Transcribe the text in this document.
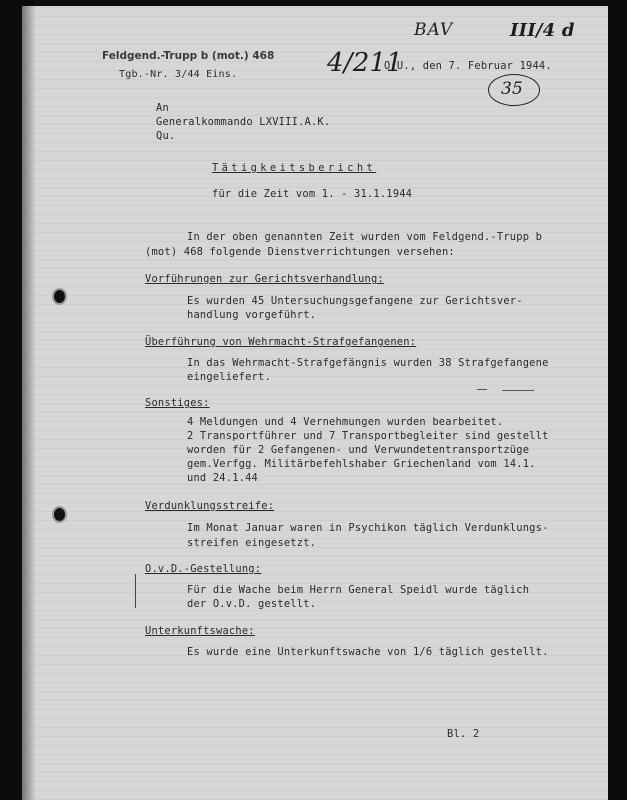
Feldgend.-Trupp b (mot.) 468
Tgb.-Nr. 3/44 Eins.
O.U., den 7. Februar 1944.
BAV	III/4 d
4/211
35
An
Generalkommando LXVIII.A.K.
Qu.
Tätigkeitsbericht
für die Zeit vom 1. - 31.1.1944
In der oben genannten Zeit wurden vom Feldgend.-Trupp b
(mot) 468 folgende Dienstverrichtungen versehen:
Vorführungen zur Gerichtsverhandlung:
Es wurden 45 Untersuchungsgefangene zur Gerichtsver-
handlung vorgeführt.
Überführung von Wehrmacht-Strafgefangenen:
In das Wehrmacht-Strafgefängnis wurden 38 Strafgefangene
eingeliefert.
Sonstiges:
4 Meldungen und 4 Vernehmungen wurden bearbeitet.
2 Transportführer und 7 Transportbegleiter sind gestellt
worden für 2 Gefangenen- und Verwundetentransportzüge
gem.Verfgg. Militärbefehlshaber Griechenland vom 14.1.
und 24.1.44
Verdunklungsstreife:
Im Monat Januar waren in Psychikon täglich Verdunklungs-
streifen eingesetzt.
O.v.D.-Gestellung:
Für die Wache beim Herrn General Speidl wurde täglich
der O.v.D. gestellt.
Unterkunftswache:
Es wurde eine Unterkunftswache von 1/6 täglich gestellt.
Bl. 2
